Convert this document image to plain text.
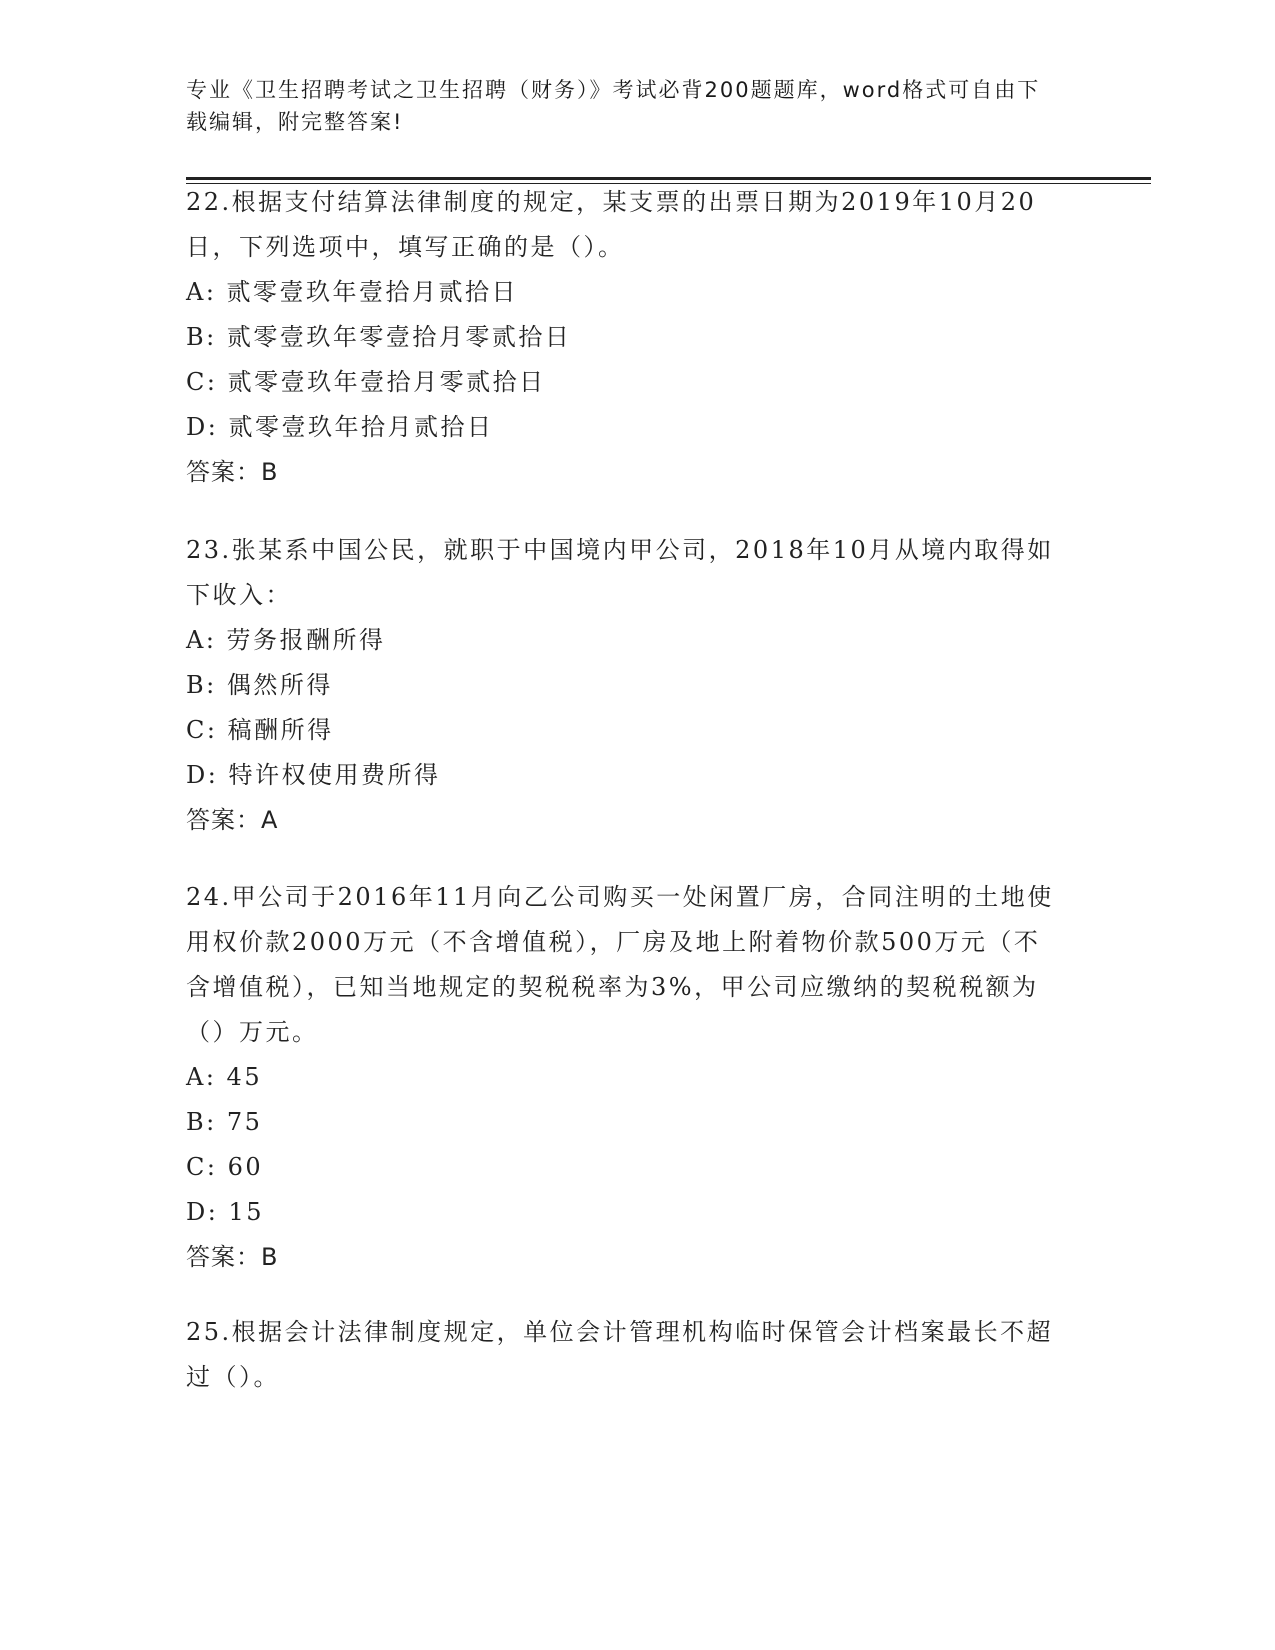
专业《卫生招聘考试之卫生招聘（财务）》考试必背200题题库，word格式可自由下载编辑，附完整答案!
22.根据支付结算法律制度的规定，某支票的出票日期为2019年10月20日，下列选项中，填写正确的是（）。
A: 贰零壹玖年壹拾月贰拾日
B: 贰零壹玖年零壹拾月零贰拾日
C: 贰零壹玖年壹拾月零贰拾日
D: 贰零壹玖年拾月贰拾日
答案：B
23.张某系中国公民，就职于中国境内甲公司，2018年10月从境内取得如下收入：
A: 劳务报酬所得
B: 偶然所得
C: 稿酬所得
D: 特许权使用费所得
答案：A
24.甲公司于2016年11月向乙公司购买一处闲置厂房，合同注明的土地使用权价款2000万元（不含增值税），厂房及地上附着物价款500万元（不含增值税），已知当地规定的契税税率为3%，甲公司应缴纳的契税税额为（）万元。
A: 45
B: 75
C: 60
D: 15
答案：B
25.根据会计法律制度规定，单位会计管理机构临时保管会计档案最长不超过（）。
